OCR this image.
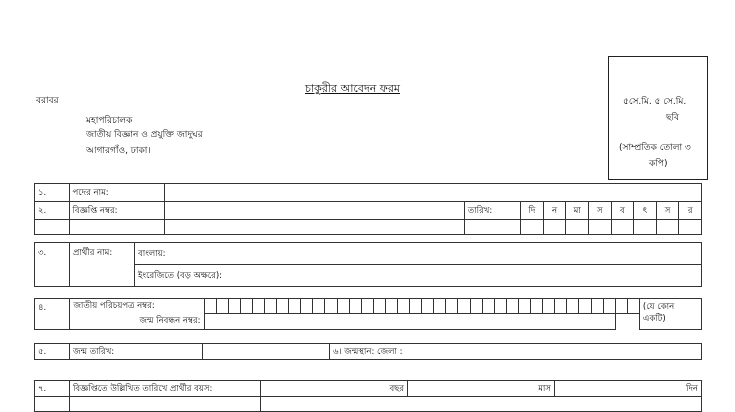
চাকুরীর আবেদন ফরম
বরাবর
মহাপরিচালক
জাতীয় বিজ্ঞান ও প্রযুক্তি জাদুঘর
আগারগাঁও, ঢাকা।
৫সে.মি. ৫ সে.মি.
ছবি
(সাম্প্রতিক তোলা ৩
কপি)
১.	পদের নাম:										
২.	বিজ্ঞপ্তি নম্বর:		তারিখ:	দি	ন	মা	স	ব	ৎ	স	র

৩.	প্রার্থীর নাম:	বাংলায়:
ইংরেজিতে (বড় অক্ষরে):
৪.	জাতীয় পরিচয়পত্র নম্বর:																																					(যে কোন
একটি)

	জন্ম নিবন্ধন নম্বর:																																					
৫.	জন্ম তারিখ:		৬। জন্মস্থান: জেলা :
৭.	বিজ্ঞপ্তিতে উল্লিখিত তারিখে প্রার্থীর বয়স:	বছর	মাস	দিন
